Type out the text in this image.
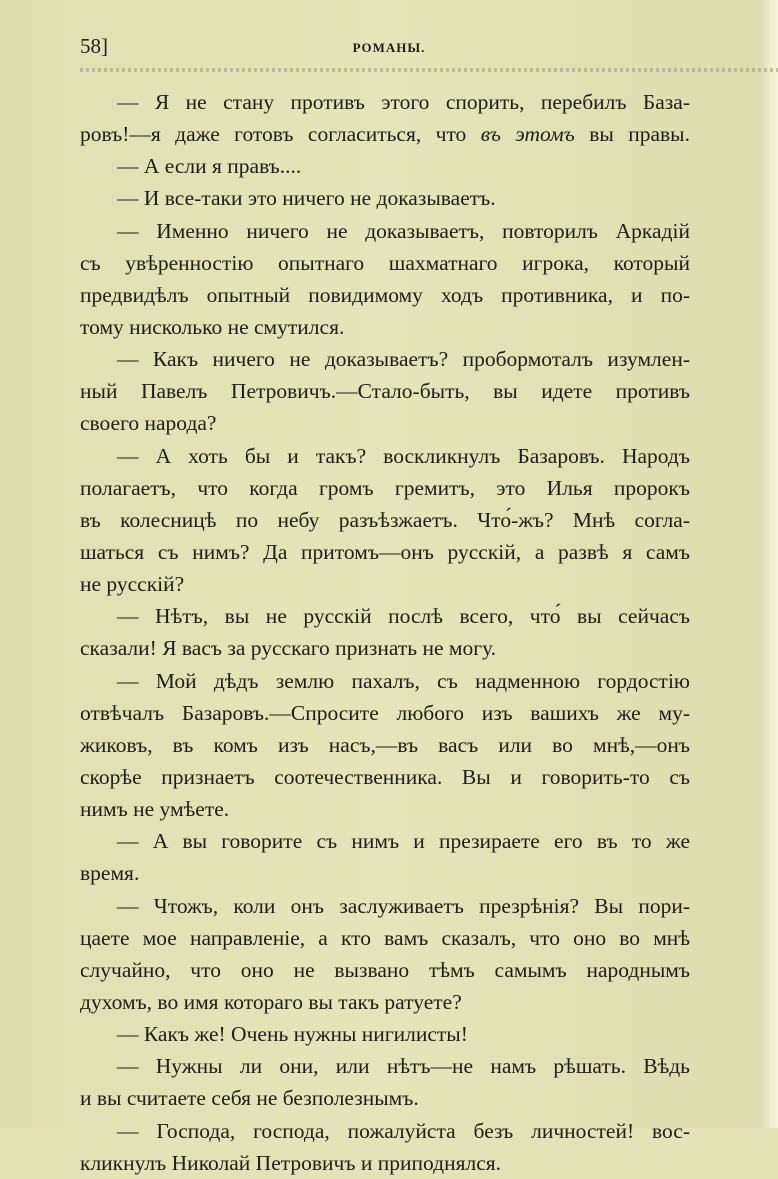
58]	РОМАНЫ.
— Я не стану противъ этого спорить, перебилъ База-
ровъ!—я даже готовъ согласиться, что въ этомъ вы правы.
— А если я правъ....
— И все-таки это ничего не доказываетъ.
— Именно ничего не доказываетъ, повторилъ Аркадій
съ увѣренностію опытнаго шахматнаго игрока, который
предвидѣлъ опытный повидимому ходъ противника, и по-
тому нисколько не смутился.
— Какъ ничего не доказываетъ? пробормоталъ изумлен-
ный Павелъ Петровичъ.—Стало-быть, вы идете противъ
своего народа?
— А хоть бы и такъ? воскликнулъ Базаровъ. Народъ
полагаетъ, что когда громъ гремитъ, это Илья пророкъ
въ колесницѣ по небу разъѣзжаетъ. Что́-жъ? Мнѣ согла-
шаться съ нимъ? Да притомъ—онъ русскій, а развѣ я самъ
не русскій?
— Нѣтъ, вы не русскій послѣ всего, что́ вы сейчасъ
сказали! Я васъ за русскаго признать не могу.
— Мой дѣдъ землю пахалъ, съ надменною гордостію
отвѣчалъ Базаровъ.—Спросите любого изъ вашихъ же му-
жиковъ, въ комъ изъ насъ,—въ васъ или во мнѣ,—онъ
скорѣе признаетъ соотечественника. Вы и говорить-то съ
нимъ не умѣете.
— А вы говорите съ нимъ и презираете его въ то же
время.
— Чтожъ, коли онъ заслуживаетъ презрѣнія? Вы пори-
цаете мое направленіе, а кто вамъ сказалъ, что оно во мнѣ
случайно, что оно не вызвано тѣмъ самымъ народнымъ
духомъ, во имя котораго вы такъ ратуете?
— Какъ же! Очень нужны нигилисты!
— Нужны ли они, или нѣтъ—не намъ рѣшать. Вѣдь
и вы считаете себя не безполезнымъ.
— Господа, господа, пожалуйста безъ личностей! вос-
кликнулъ Николай Петровичъ и приподнялся.
